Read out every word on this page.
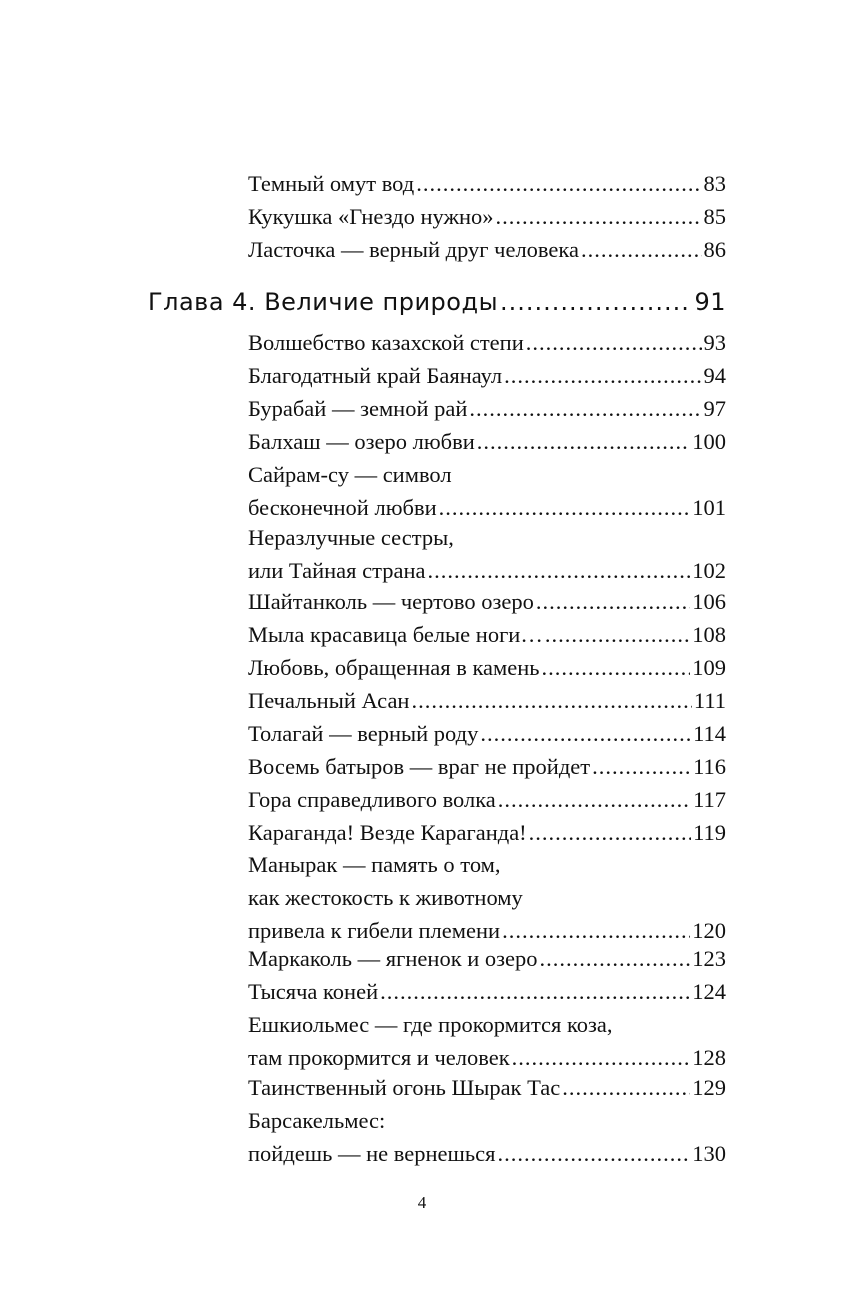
Темный омут вод .....	83
Кукушка «Гнездо нужно» .....	85
Ласточка — верный друг человека .....	86
Глава 4. Величие природы .....	91
Волшебство казахской степи .....	93
Благодатный край Баянаул .....	94
Бурабай — земной рай .....	97
Балхаш — озеро любви .....	100
Сайрам-су — символ
бесконечной любви .....	101
Неразлучные сестры,
или Тайная страна .....	102
Шайтанколь — чертово озеро .....	106
Мыла красавица белые ноги… .....	108
Любовь, обращенная в камень .....	109
Печальный Асан .....	111
Толагай — верный роду .....	114
Восемь батыров — враг не пройдет .....	116
Гора справедливого волка .....	117
Караганда! Везде Караганда! .....	119
Манырак — память о том,
как жестокость к животному
привела к гибели племени .....	120
Маркаколь — ягненок и озеро .....	123
Тысяча коней .....	124
Ешкиольмес — где прокормится коза,
там прокормится и человек .....	128
Таинственный огонь Шырак Тас .....	129
Барсакельмес:
пойдешь — не вернешься .....	130
4
